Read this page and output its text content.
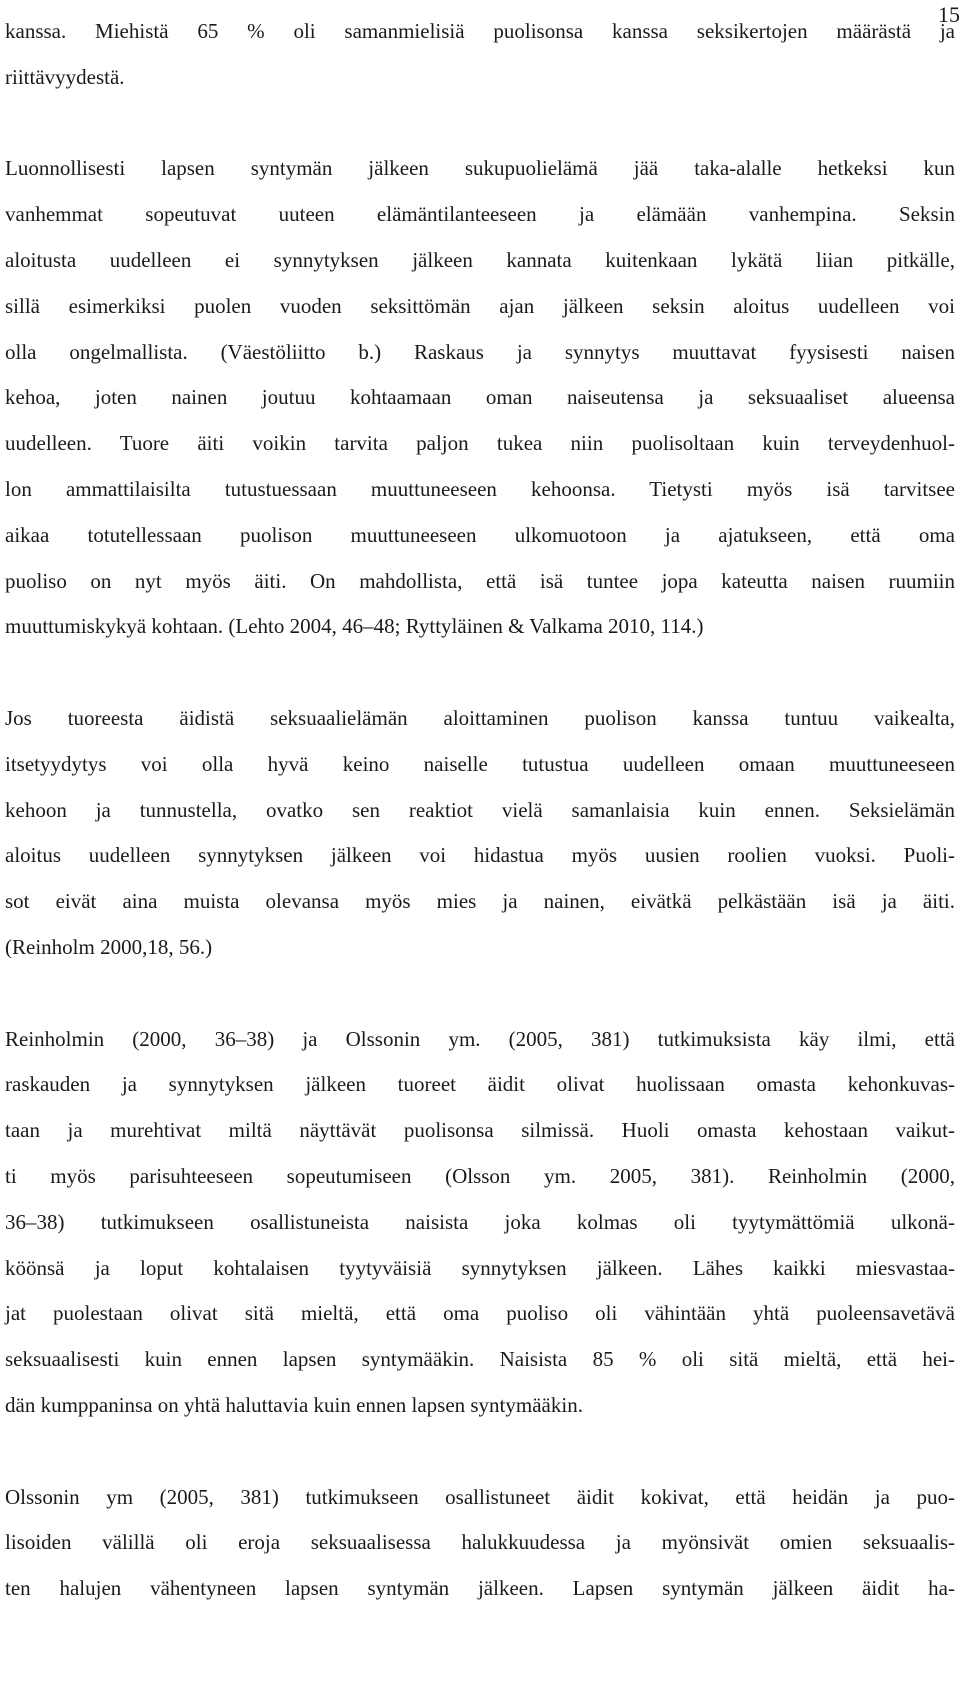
15
kanssa. Miehistä 65 % oli samanmielisiä puolisonsa kanssa seksikertojen määrästä ja
riittävyydestä.
Luonnollisesti lapsen syntymän jälkeen sukupuolielämä jää taka-alalle hetkeksi kun
vanhemmat sopeutuvat uuteen elämäntilanteeseen ja elämään vanhempina. Seksin
aloitusta uudelleen ei synnytyksen jälkeen kannata kuitenkaan lykätä liian pitkälle,
sillä esimerkiksi puolen vuoden seksittömän ajan jälkeen seksin aloitus uudelleen voi
olla ongelmallista. (Väestöliitto b.) Raskaus ja synnytys muuttavat fyysisesti naisen
kehoa, joten nainen joutuu kohtaamaan oman naiseutensa ja seksuaaliset alueensa
uudelleen. Tuore äiti voikin tarvita paljon tukea niin puolisoltaan kuin terveydenhuol-
lon ammattilaisilta tutustuessaan muuttuneeseen kehoonsa. Tietysti myös isä tarvitsee
aikaa totutellessaan puolison muuttuneeseen ulkomuotoon ja ajatukseen, että oma
puoliso on nyt myös äiti. On mahdollista, että isä tuntee jopa kateutta naisen ruumiin
muuttumiskykyä kohtaan. (Lehto 2004, 46–48; Ryttyläinen & Valkama 2010, 114.)
Jos tuoreesta äidistä seksuaalielämän aloittaminen puolison kanssa tuntuu vaikealta,
itsetyydytys voi olla hyvä keino naiselle tutustua uudelleen omaan muuttuneeseen
kehoon ja tunnustella, ovatko sen reaktiot vielä samanlaisia kuin ennen. Seksielämän
aloitus uudelleen synnytyksen jälkeen voi hidastua myös uusien roolien vuoksi. Puoli-
sot eivät aina muista olevansa myös mies ja nainen, eivätkä pelkästään isä ja äiti.
(Reinholm 2000,18, 56.)
Reinholmin (2000, 36–38) ja Olssonin ym. (2005, 381) tutkimuksista käy ilmi, että
raskauden ja synnytyksen jälkeen tuoreet äidit olivat huolissaan omasta kehonkuvas-
taan ja murehtivat miltä näyttävät puolisonsa silmissä. Huoli omasta kehostaan vaikut-
ti myös parisuhteeseen sopeutumiseen (Olsson ym. 2005, 381). Reinholmin (2000,
36–38) tutkimukseen osallistuneista naisista joka kolmas oli tyytymättömiä ulkonä-
köönsä ja loput kohtalaisen tyytyväisiä synnytyksen jälkeen. Lähes kaikki miesvastaa-
jat puolestaan olivat sitä mieltä, että oma puoliso oli vähintään yhtä puoleensavetävä
seksuaalisesti kuin ennen lapsen syntymääkin. Naisista 85 % oli sitä mieltä, että hei-
dän kumppaninsa on yhtä haluttavia kuin ennen lapsen syntymääkin.
Olssonin ym (2005, 381) tutkimukseen osallistuneet äidit kokivat, että heidän ja puo-
lisoiden välillä oli eroja seksuaalisessa halukkuudessa ja myönsivät omien seksuaalis-
ten halujen vähentyneen lapsen syntymän jälkeen. Lapsen syntymän jälkeen äidit ha-
